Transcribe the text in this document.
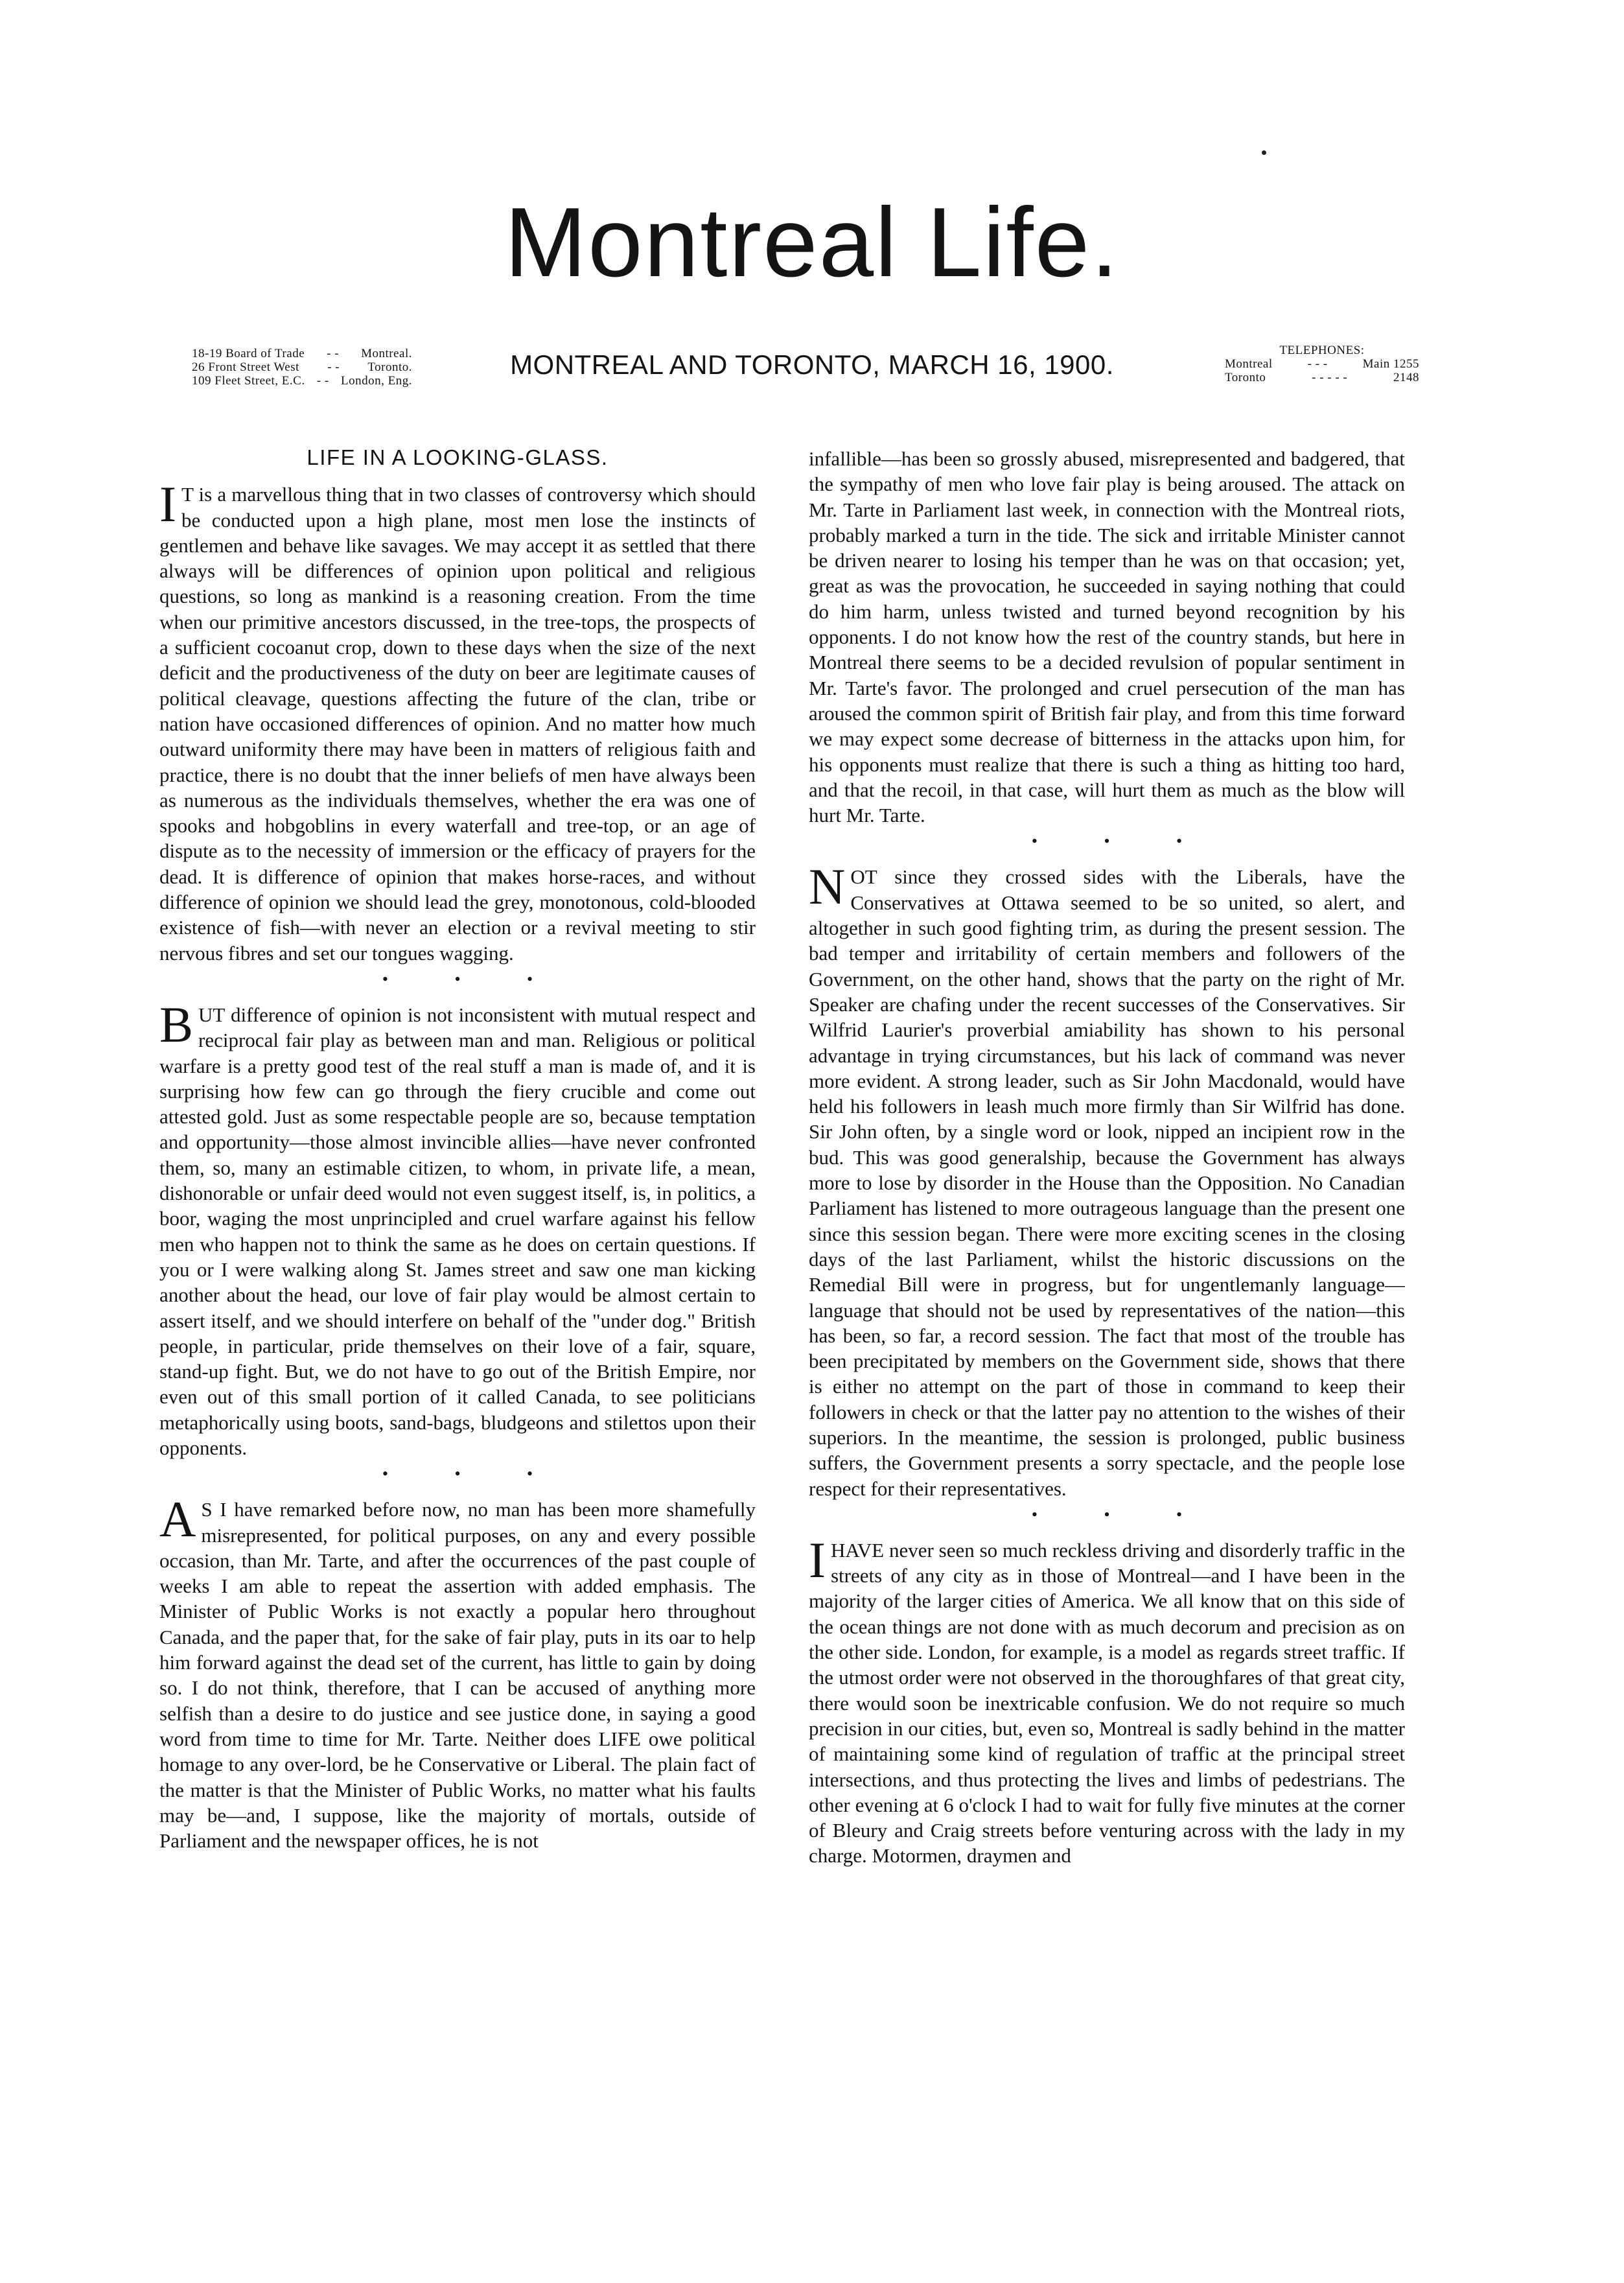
Montreal Life.
18-19 Board of Trade - - Montreal.
26 Front Street West - - Toronto.
109 Fleet Street, E.C. - - London, Eng.
MONTREAL AND TORONTO, MARCH 16, 1900.	TELEPHONES:
Montreal	- - -	Main 1255
Toronto	- - - - -	2148
LIFE IN A LOOKING-GLASS.

I T is a marvellous thing that in two classes of controversy which should be conducted upon a high plane, most men lose the instincts of gentlemen and behave like savages. We may accept it as settled that there always will be differences of opinion upon political and religious questions, so long as mankind is a reasoning creation. From the time when our primitive ancestors discussed, in the tree-tops, the prospects of a sufficient cocoanut crop, down to these days when the size of the next deficit and the productiveness of the duty on beer are legitimate causes of political cleavage, questions affecting the future of the clan, tribe or nation have occasioned differences of opinion. And no matter how much outward uniformity there may have been in matters of religious faith and practice, there is no doubt that the inner beliefs of men have always been as numerous as the individuals themselves, whether the era was one of spooks and hobgoblins in every waterfall and tree-top, or an age of dispute as to the necessity of immersion or the efficacy of prayers for the dead. It is difference of opinion that makes horse-races, and without difference of opinion we should lead the grey, monotonous, cold-blooded existence of fish—with never an election or a revival meeting to stir nervous fibres and set our tongues wagging.

• • •

BUT difference of opinion is not inconsistent with mutual respect and reciprocal fair play as between man and man. Religious or political warfare is a pretty good test of the real stuff a man is made of, and it is surprising how few can go through the fiery crucible and come out attested gold. Just as some respectable people are so, because temptation and opportunity—those almost invincible allies—have never confronted them, so, many an estimable citizen, to whom, in private life, a mean, dishonorable or unfair deed would not even suggest itself, is, in politics, a boor, waging the most unprincipled and cruel warfare against his fellow men who happen not to think the same as he does on certain questions. If you or I were walking along St. James street and saw one man kicking another about the head, our love of fair play would be almost certain to assert itself, and we should interfere on behalf of the "under dog." British people, in particular, pride themselves on their love of a fair, square, stand-up fight. But, we do not have to go out of the British Empire, nor even out of this small portion of it called Canada, to see politicians metaphorically using boots, sand-bags, bludgeons and stilettos upon their opponents.

• • •

A S I have remarked before now, no man has been more shamefully misrepresented, for political purposes, on any and every possible occasion, than Mr. Tarte, and after the occurrences of the past couple of weeks I am able to repeat the assertion with added emphasis. The Minister of Public Works is not exactly a popular hero throughout Canada, and the paper that, for the sake of fair play, puts in its oar to help him forward against the dead set of the current, has little to gain by doing so. I do not think, therefore, that I can be accused of anything more selfish than a desire to do justice and see justice done, in saying a good word from time to time for Mr. Tarte. Neither does LIFE owe political homage to any over-lord, be he Conservative or Liberal. The plain fact of the matter is that the Minister of Public Works, no matter what his faults may be—and, I suppose, like the majority of mortals, outside of Parliament and the newspaper offices, he is not

infallible—has been so grossly abused, misrepresented and badgered, that the sympathy of men who love fair play is being aroused. The attack on Mr. Tarte in Parliament last week, in connection with the Montreal riots, probably marked a turn in the tide. The sick and irritable Minister cannot be driven nearer to losing his temper than he was on that occasion; yet, great as was the provocation, he succeeded in saying nothing that could do him harm, unless twisted and turned beyond recognition by his opponents. I do not know how the rest of the country stands, but here in Montreal there seems to be a decided revulsion of popular sentiment in Mr. Tarte's favor. The prolonged and cruel persecution of the man has aroused the common spirit of British fair play, and from this time forward we may expect some decrease of bitterness in the attacks upon him, for his opponents must realize that there is such a thing as hitting too hard, and that the recoil, in that case, will hurt them as much as the blow will hurt Mr. Tarte.

• • •

NOT since they crossed sides with the Liberals, have the Conservatives at Ottawa seemed to be so united, so alert, and altogether in such good fighting trim, as during the present session. The bad temper and irritability of certain members and followers of the Government, on the other hand, shows that the party on the right of Mr. Speaker are chafing under the recent successes of the Conservatives. Sir Wilfrid Laurier's proverbial amiability has shown to his personal advantage in trying circumstances, but his lack of command was never more evident. A strong leader, such as Sir John Macdonald, would have held his followers in leash much more firmly than Sir Wilfrid has done. Sir John often, by a single word or look, nipped an incipient row in the bud. This was good generalship, because the Government has always more to lose by disorder in the House than the Opposition. No Canadian Parliament has listened to more outrageous language than the present one since this session began. There were more exciting scenes in the closing days of the last Parliament, whilst the historic discussions on the Remedial Bill were in progress, but for ungentlemanly language—language that should not be used by representatives of the nation—this has been, so far, a record session. The fact that most of the trouble has been precipitated by members on the Government side, shows that there is either no attempt on the part of those in command to keep their followers in check or that the latter pay no attention to the wishes of their superiors. In the meantime, the session is prolonged, public business suffers, the Government presents a sorry spectacle, and the people lose respect for their representatives.

• • •

IHAVE never seen so much reckless driving and disorderly traffic in the streets of any city as in those of Montreal—and I have been in the majority of the larger cities of America. We all know that on this side of the ocean things are not done with as much decorum and precision as on the other side. London, for example, is a model as regards street traffic. If the utmost order were not observed in the thoroughfares of that great city, there would soon be inextricable confusion. We do not require so much precision in our cities, but, even so, Montreal is sadly behind in the matter of maintaining some kind of regulation of traffic at the principal street intersections, and thus protecting the lives and limbs of pedestrians. The other evening at 6 o'clock I had to wait for fully five minutes at the corner of Bleury and Craig streets before venturing across with the lady in my charge. Motormen, draymen and
